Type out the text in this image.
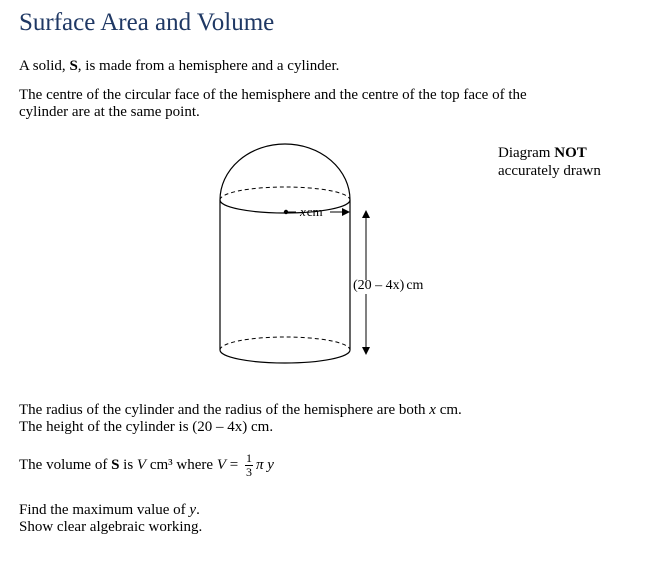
Surface Area and Volume

A solid, S, is made from a hemisphere and a cylinder.

The centre of the circular face of the hemisphere and the centre of the top face of the
cylinder are at the same point.

Diagram NOT
accurately drawn
xcm
(20 – 4x) cm

The radius of the cylinder and the radius of the hemisphere are both x cm.
The height of the cylinder is (20 – 4x) cm.

The volume of S is V cm³ where $V = \frac{1}{3}$ π y

Find the maximum value of y.
Show clear algebraic working.
